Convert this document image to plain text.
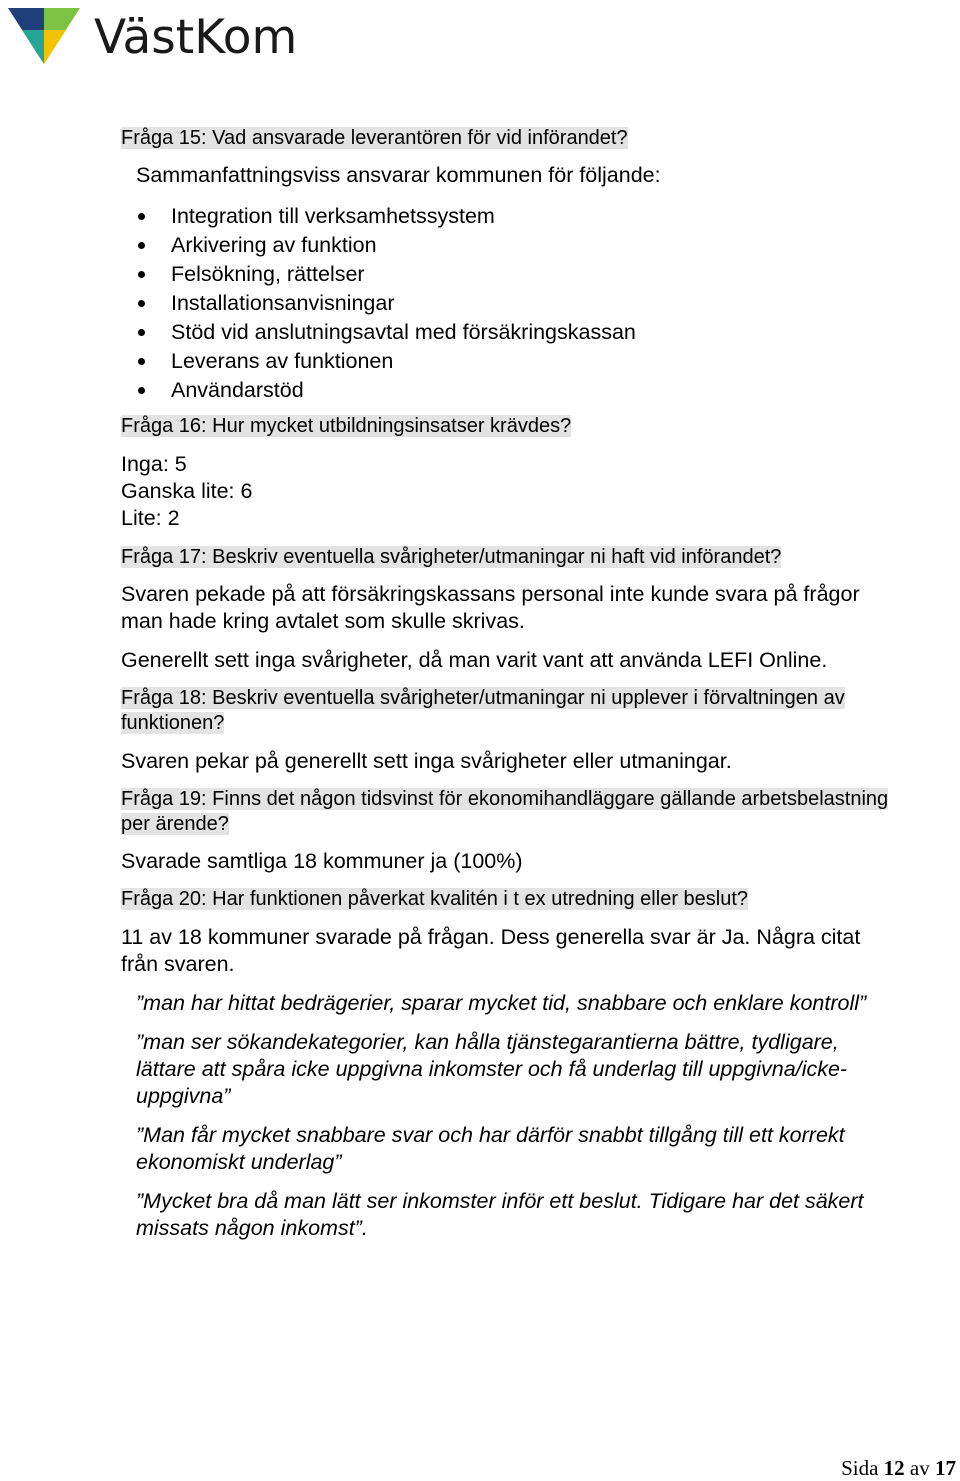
VästKom
Fråga 15: Vad ansvarade leverantören för vid införandet?
Sammanfattningsviss ansvarar kommunen för följande:
Integration till verksamhetssystem
Arkivering av funktion
Felsökning, rättelser
Installationsanvisningar
Stöd vid anslutningsavtal med försäkringskassan
Leverans av funktionen
Användarstöd
Fråga 16: Hur mycket utbildningsinsatser krävdes?
Inga: 5
Ganska lite: 6
Lite: 2
Fråga 17: Beskriv eventuella svårigheter/utmaningar ni haft vid införandet?
Svaren pekade på att försäkringskassans personal inte kunde svara på frågor
man hade kring avtalet som skulle skrivas.
Generellt sett inga svårigheter, då man varit vant att använda LEFI Online.
Fråga 18: Beskriv eventuella svårigheter/utmaningar ni upplever i förvaltningen av
funktionen?
Svaren pekar på generellt sett inga svårigheter eller utmaningar.
Fråga 19: Finns det någon tidsvinst för ekonomihandläggare gällande arbetsbelastning
per ärende?
Svarade samtliga 18 kommuner ja (100%)
Fråga 20: Har funktionen påverkat kvalitén i t ex utredning eller beslut?
11 av 18 kommuner svarade på frågan. Dess generella svar är Ja. Några citat
från svaren.
”man har hittat bedrägerier, sparar mycket tid, snabbare och enklare kontroll”
”man ser sökandekategorier, kan hålla tjänstegarantierna bättre, tydligare,
lättare att spåra icke uppgivna inkomster och få underlag till uppgivna/icke-
uppgivna”
”Man får mycket snabbare svar och har därför snabbt tillgång till ett korrekt
ekonomiskt underlag”
”Mycket bra då man lätt ser inkomster inför ett beslut. Tidigare har det säkert
missats någon inkomst”.
Sida 12 av 17
